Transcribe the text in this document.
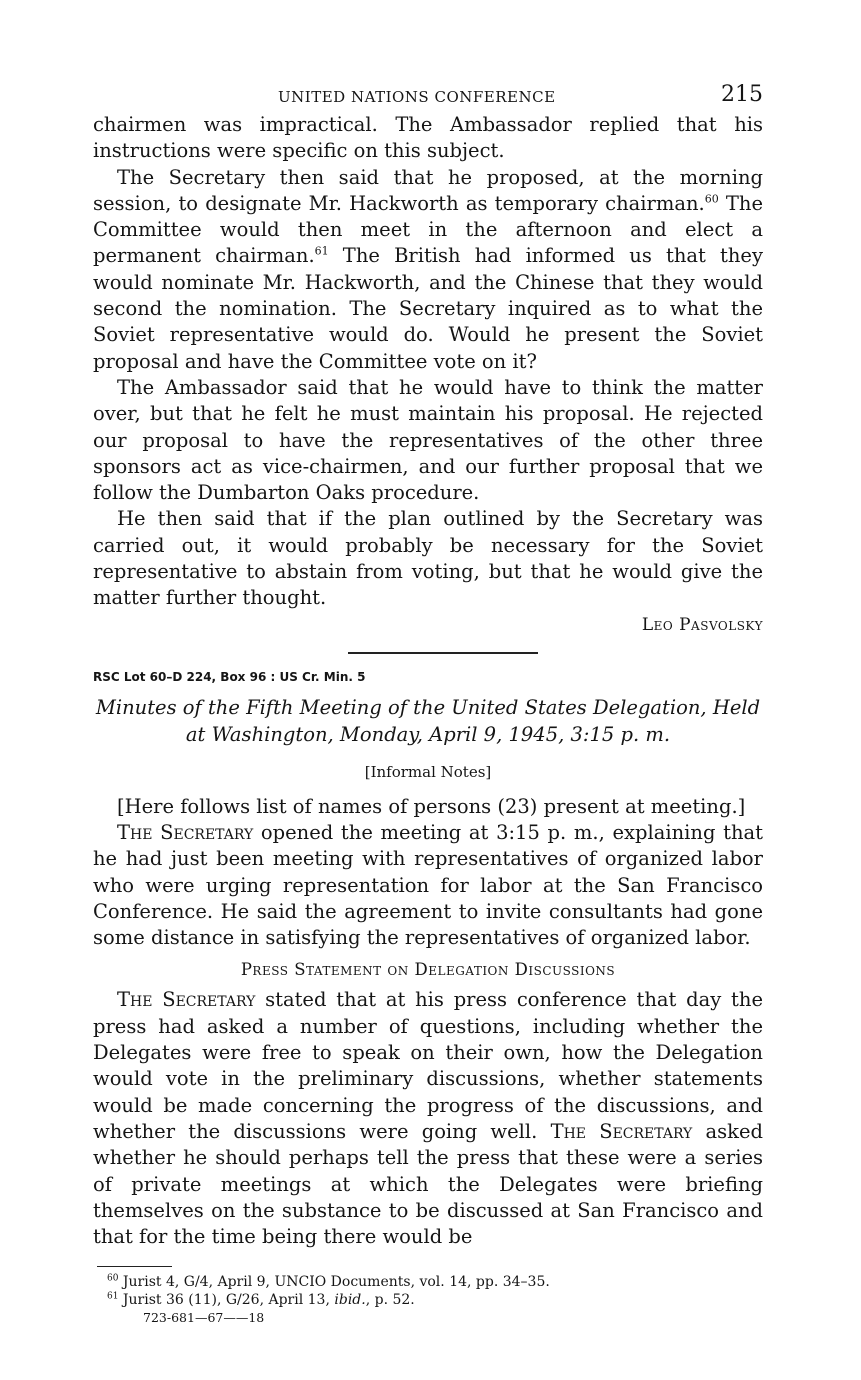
UNITED NATIONS CONFERENCE	215

chairmen was impractical. The Ambassador replied that his instructions were specific on this subject.

The Secretary then said that he proposed, at the morning session, to designate Mr. Hackworth as temporary chairman.$^{60}$ The Committee would then meet in the afternoon and elect a permanent chairman.$^{61}$ The British had informed us that they would nominate Mr. Hackworth, and the Chinese that they would second the nomination. The Secretary inquired as to what the Soviet representative would do. Would he present the Soviet proposal and have the Committee vote on it?

The Ambassador said that he would have to think the matter over, but that he felt he must maintain his proposal. He rejected our proposal to have the representatives of the other three sponsors act as vice-chairmen, and our further proposal that we follow the Dumbarton Oaks procedure.

He then said that if the plan outlined by the Secretary was carried out, it would probably be necessary for the Soviet representative to abstain from voting, but that he would give the matter further thought.

Leo Pasvolsky
RSC Lot 60–D 224, Box 96 : US Cr. Min. 5
Minutes of the Fifth Meeting of the United States Delegation, Held at Washington, Monday, April 9, 1945, 3:15 p. m.
[Informal Notes]

[Here follows list of names of persons (23) present at meeting.]

The Secretary opened the meeting at 3:15 p. m., explaining that he had just been meeting with representatives of organized labor who were urging representation for labor at the San Francisco Conference. He said the agreement to invite consultants had gone some distance in satisfying the representatives of organized labor.

Press Statement on Delegation Discussions

The Secretary stated that at his press conference that day the press had asked a number of questions, including whether the Delegates were free to speak on their own, how the Delegation would vote in the preliminary discussions, whether statements would be made concerning the progress of the discussions, and whether the discussions were going well. The Secretary asked whether he should perhaps tell the press that these were a series of private meetings at which the Delegates were briefing themselves on the substance to be discussed at San Francisco and that for the time being there would be

$^{60}$ Jurist 4, G/4, April 9, UNCIO Documents, vol. 14, pp. 34–35.
$^{61}$ Jurist 36 (11), G/26, April 13, ibid., p. 52.
723-681—67——18
